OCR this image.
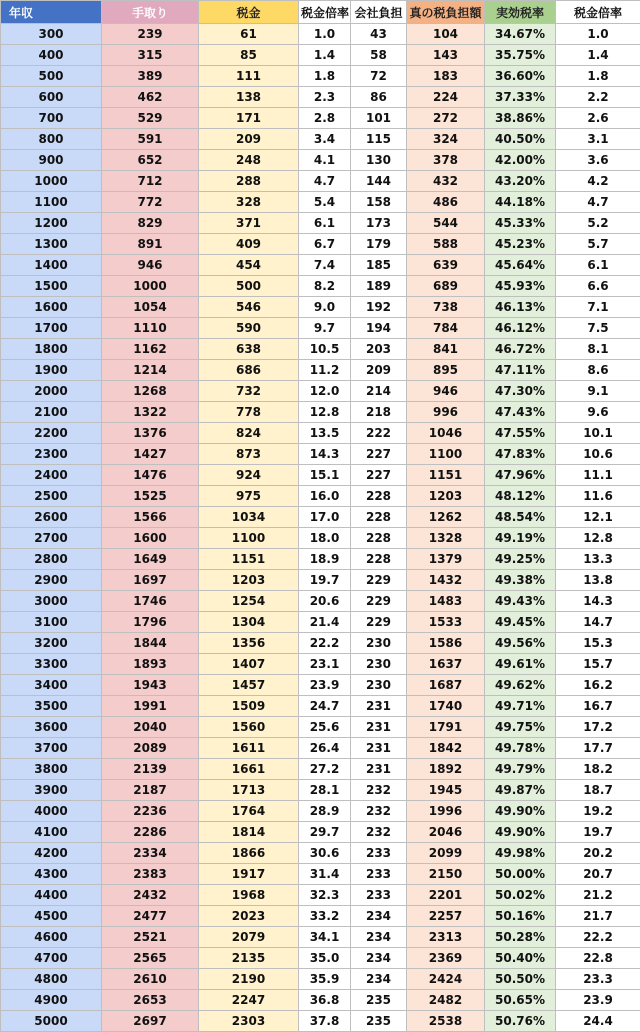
年収	手取り	税金	税金倍率	会社負担	真の税負担額	実効税率	税金倍率
300	239	61	1.0	43	104	34.67%	1.0
400	315	85	1.4	58	143	35.75%	1.4
500	389	111	1.8	72	183	36.60%	1.8
600	462	138	2.3	86	224	37.33%	2.2
700	529	171	2.8	101	272	38.86%	2.6
800	591	209	3.4	115	324	40.50%	3.1
900	652	248	4.1	130	378	42.00%	3.6
1000	712	288	4.7	144	432	43.20%	4.2
1100	772	328	5.4	158	486	44.18%	4.7
1200	829	371	6.1	173	544	45.33%	5.2
1300	891	409	6.7	179	588	45.23%	5.7
1400	946	454	7.4	185	639	45.64%	6.1
1500	1000	500	8.2	189	689	45.93%	6.6
1600	1054	546	9.0	192	738	46.13%	7.1
1700	1110	590	9.7	194	784	46.12%	7.5
1800	1162	638	10.5	203	841	46.72%	8.1
1900	1214	686	11.2	209	895	47.11%	8.6
2000	1268	732	12.0	214	946	47.30%	9.1
2100	1322	778	12.8	218	996	47.43%	9.6
2200	1376	824	13.5	222	1046	47.55%	10.1
2300	1427	873	14.3	227	1100	47.83%	10.6
2400	1476	924	15.1	227	1151	47.96%	11.1
2500	1525	975	16.0	228	1203	48.12%	11.6
2600	1566	1034	17.0	228	1262	48.54%	12.1
2700	1600	1100	18.0	228	1328	49.19%	12.8
2800	1649	1151	18.9	228	1379	49.25%	13.3
2900	1697	1203	19.7	229	1432	49.38%	13.8
3000	1746	1254	20.6	229	1483	49.43%	14.3
3100	1796	1304	21.4	229	1533	49.45%	14.7
3200	1844	1356	22.2	230	1586	49.56%	15.3
3300	1893	1407	23.1	230	1637	49.61%	15.7
3400	1943	1457	23.9	230	1687	49.62%	16.2
3500	1991	1509	24.7	231	1740	49.71%	16.7
3600	2040	1560	25.6	231	1791	49.75%	17.2
3700	2089	1611	26.4	231	1842	49.78%	17.7
3800	2139	1661	27.2	231	1892	49.79%	18.2
3900	2187	1713	28.1	232	1945	49.87%	18.7
4000	2236	1764	28.9	232	1996	49.90%	19.2
4100	2286	1814	29.7	232	2046	49.90%	19.7
4200	2334	1866	30.6	233	2099	49.98%	20.2
4300	2383	1917	31.4	233	2150	50.00%	20.7
4400	2432	1968	32.3	233	2201	50.02%	21.2
4500	2477	2023	33.2	234	2257	50.16%	21.7
4600	2521	2079	34.1	234	2313	50.28%	22.2
4700	2565	2135	35.0	234	2369	50.40%	22.8
4800	2610	2190	35.9	234	2424	50.50%	23.3
4900	2653	2247	36.8	235	2482	50.65%	23.9
5000	2697	2303	37.8	235	2538	50.76%	24.4
